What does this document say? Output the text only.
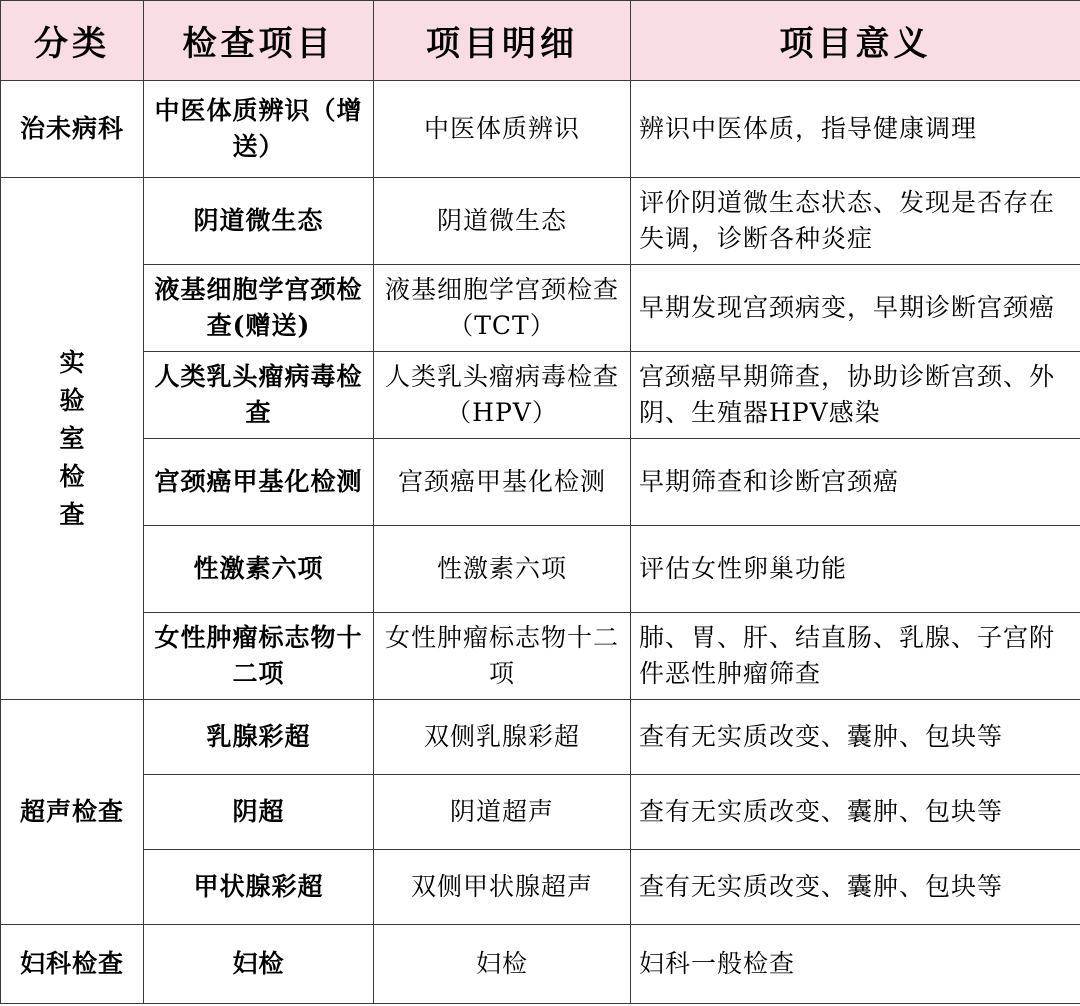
分类	检查项目	项目明细	项目意义
治未病科	中医体质辨识（增送）	中医体质辨识	辨识中医体质，指导健康调理
实验室检查	阴道微生态	阴道微生态	评价阴道微生态状态、发现是否存在失调，诊断各种炎症
	液基细胞学宫颈检查(赠送)	液基细胞学宫颈检查（TCT）	早期发现宫颈病变，早期诊断宫颈癌
	人类乳头瘤病毒检查	人类乳头瘤病毒检查（HPV）	宫颈癌早期筛查，协助诊断宫颈、外阴、生殖器HPV感染
	宫颈癌甲基化检测	宫颈癌甲基化检测	早期筛查和诊断宫颈癌
	性激素六项	性激素六项	评估女性卵巢功能
	女性肿瘤标志物十二项	女性肿瘤标志物十二项	肺、胃、肝、结直肠、乳腺、子宫附件恶性肿瘤筛查
超声检查	乳腺彩超	双侧乳腺彩超	查有无实质改变、囊肿、包块等
	阴超	阴道超声	查有无实质改变、囊肿、包块等
	甲状腺彩超	双侧甲状腺超声	查有无实质改变、囊肿、包块等
妇科检查	妇检	妇检	妇科一般检查
